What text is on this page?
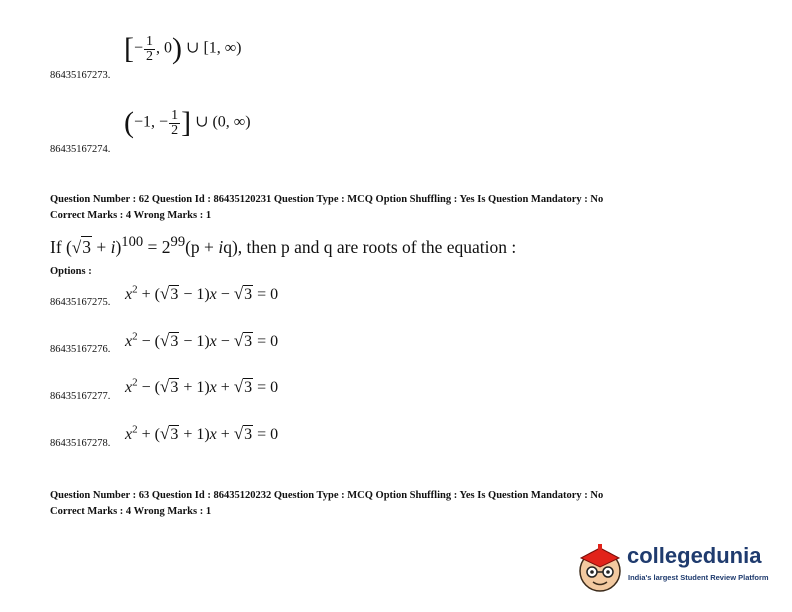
[− $\frac{1}{2}$ , 0) ∪ [1, ∞)
86435167273.
(−1, − $\frac{1}{2}$ ] ∪ (0, ∞)
86435167274.
Question Number : 62 Question Id : 86435120231 Question Type : MCQ Option Shuffling : Yes Is Question Mandatory : No
Correct Marks : 4 Wrong Marks : 1
If $(√3 + i)^{100} = 2^{99}(p + iq)$, then p and q are roots of the equation :
Options :
86435167275. $x^2 + (√3 - 1)x - √3 = 0$
86435167276. $x^2 - (√3 - 1)x - √3 = 0$
86435167277.
$x^2 - (√3 + 1)x + √3 = 0$
86435167278.
$x^2 + (√3 + 1)x + √3 = 0$
Question Number : 63 Question Id : 86435120232 Question Type : MCQ Option Shuffling : Yes Is Question Mandatory : No
Correct Marks : 4 Wrong Marks : 1
collegedunia
India's largest Student Review Platform
